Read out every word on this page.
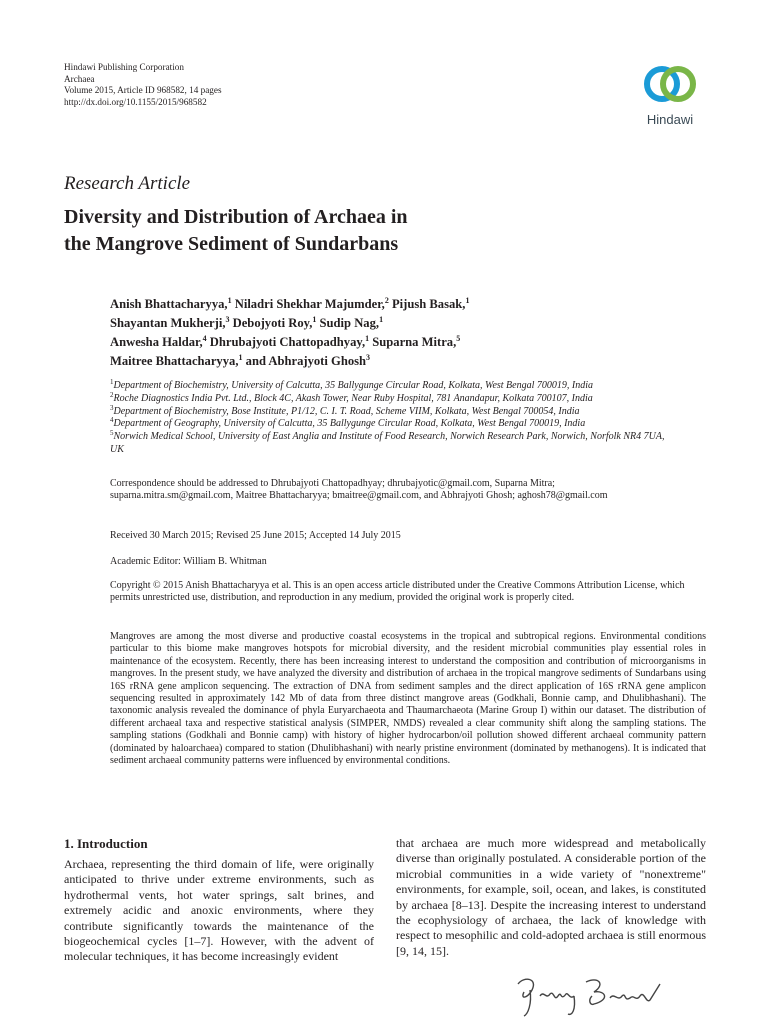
Hindawi Publishing Corporation
Archaea
Volume 2015, Article ID 968582, 14 pages
http://dx.doi.org/10.1155/2015/968582
Hindawi
Research Article
Diversity and Distribution of Archaea in
the Mangrove Sediment of Sundarbans
Anish Bhattacharyya,$^1$ Niladri Shekhar Majumder,$^2$ Pijush Basak,$^1$
Shayantan Mukherji,$^3$ Debojyoti Roy,$^1$ Sudip Nag,$^1$
Anwesha Haldar,$^4$ Dhrubajyoti Chattopadhyay,$^1$ Suparna Mitra,$^5$
Maitree Bhattacharyya,$^1$ and Abhrajyoti Ghosh$^3$
$^1$Department of Biochemistry, University of Calcutta, 35 Ballygunge Circular Road, Kolkata, West Bengal 700019, India
$^2$Roche Diagnostics India Pvt. Ltd., Block 4C, Akash Tower, Near Ruby Hospital, 781 Anandapur, Kolkata 700107, India
$^3$Department of Biochemistry, Bose Institute, P1/12, C. I. T. Road, Scheme VIIM, Kolkata, West Bengal 700054, India
$^4$Department of Geography, University of Calcutta, 35 Ballygunge Circular Road, Kolkata, West Bengal 700019, India
$^5$Norwich Medical School, University of East Anglia and Institute of Food Research, Norwich Research Park, Norwich, Norfolk NR4 7UA, UK
Correspondence should be addressed to Dhrubajyoti Chattopadhyay; dhrubajyotic@gmail.com, Suparna Mitra; suparna.mitra.sm@gmail.com, Maitree Bhattacharyya; bmaitree@gmail.com, and Abhrajyoti Ghosh; aghosh78@gmail.com
Received 30 March 2015; Revised 25 June 2015; Accepted 14 July 2015
Academic Editor: William B. Whitman
Copyright © 2015 Anish Bhattacharyya et al. This is an open access article distributed under the Creative Commons Attribution License, which permits unrestricted use, distribution, and reproduction in any medium, provided the original work is properly cited.
Mangroves are among the most diverse and productive coastal ecosystems in the tropical and subtropical regions. Environmental conditions particular to this biome make mangroves hotspots for microbial diversity, and the resident microbial communities play essential roles in maintenance of the ecosystem. Recently, there has been increasing interest to understand the composition and contribution of microorganisms in mangroves. In the present study, we have analyzed the diversity and distribution of archaea in the tropical mangrove sediments of Sundarbans using 16S rRNA gene amplicon sequencing. The extraction of DNA from sediment samples and the direct application of 16S rRNA gene amplicon sequencing resulted in approximately 142 Mb of data from three distinct mangrove areas (Godkhali, Bonnie camp, and Dhulibhashani). The taxonomic analysis revealed the dominance of phyla Euryarchaeota and Thaumarchaeota (Marine Group I) within our dataset. The distribution of different archaeal taxa and respective statistical analysis (SIMPER, NMDS) revealed a clear community shift along the sampling stations. The sampling stations (Godkhali and Bonnie camp) with history of higher hydrocarbon/oil pollution showed different archaeal community pattern (dominated by haloarchaea) compared to station (Dhulibhashani) with nearly pristine environment (dominated by methanogens). It is indicated that sediment archaeal community patterns were influenced by environmental conditions.
1. Introduction
Archaea, representing the third domain of life, were originally anticipated to thrive under extreme environments, such as hydrothermal vents, hot water springs, salt brines, and extremely acidic and anoxic environments, where they contribute significantly towards the maintenance of the biogeochemical cycles [1–7]. However, with the advent of molecular techniques, it has become increasingly evident
that archaea are much more widespread and metabolically diverse than originally postulated. A considerable portion of the microbial communities in a wide variety of "nonextreme" environments, for example, soil, ocean, and lakes, is constituted by archaea [8–13]. Despite the increasing interest to understand the ecophysiology of archaea, the lack of knowledge with respect to mesophilic and cold-adopted archaea is still enormous [9, 14, 15].
